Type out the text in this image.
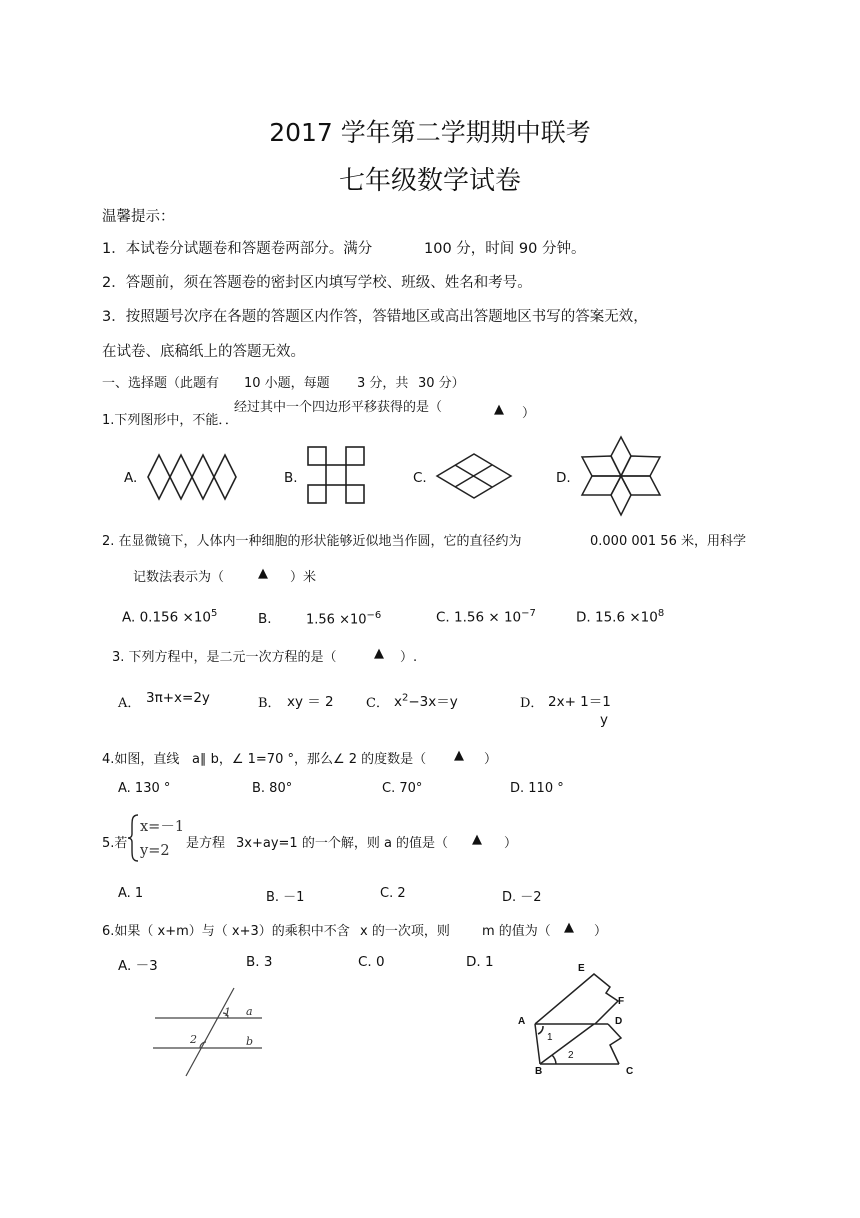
2017 学年第二学期期中联考
七年级数学试卷
温馨提示：
1．本试卷分试题卷和答题卷两部分。满分	100 分，时间 90 分钟。
2．答题前，须在答题卷的密封区内填写学校、班级、姓名和考号。
3．按照题号次序在各题的答题区内作答，答错地区或高出答题地区书写的答案无效，
在试卷、底稿纸上的答题无效。
一、选择题（此题有 10 小题，每题 3 分，共 30 分）
1.下列图形中，不能．．
经过其中一个四边形平移获得的是（	▲ ）
A.	B.	C.	D.
2. 在显微镜下，人体内一种细胞的形状能够近似地当作圆，它的直径约为	0.000 001 56 米，用科学
记数法表示为（	▲ ）米
A. $0.156 \times 10^5$	B.	$1.56 \times 10^{-6}$	C. $1.56 \times 10^{-7}$	D. $15.6 \times 10^8$
3. 下列方程中，是二元一次方程的是（	▲ ）.
A． 3π+x=2y	B． xy ＝ 2 C． $x^2-3x=y$	D． 2x+ 1＝1
y
4.如图，直线 a∥ b，∠ 1=70 °，那么∠ 2 的度数是（ ▲ ）
A. 130 °	B. 80°	C. 70°	D. 110 °
5.若
x=－1
y=2 是方程 3x+ay=1 的一个解，则 a 的值是（ ▲ ）
A. 1	B. －1	C. 2	D. －2
6.如果（ x+m）与（ x+3）的乘积中不含 x 的一次项，则 m 的值为（ ▲ ）
A. －3	B. 3	C. 0	D. 1
1
2
a
b
E
F
A	D
B	C
1
2
